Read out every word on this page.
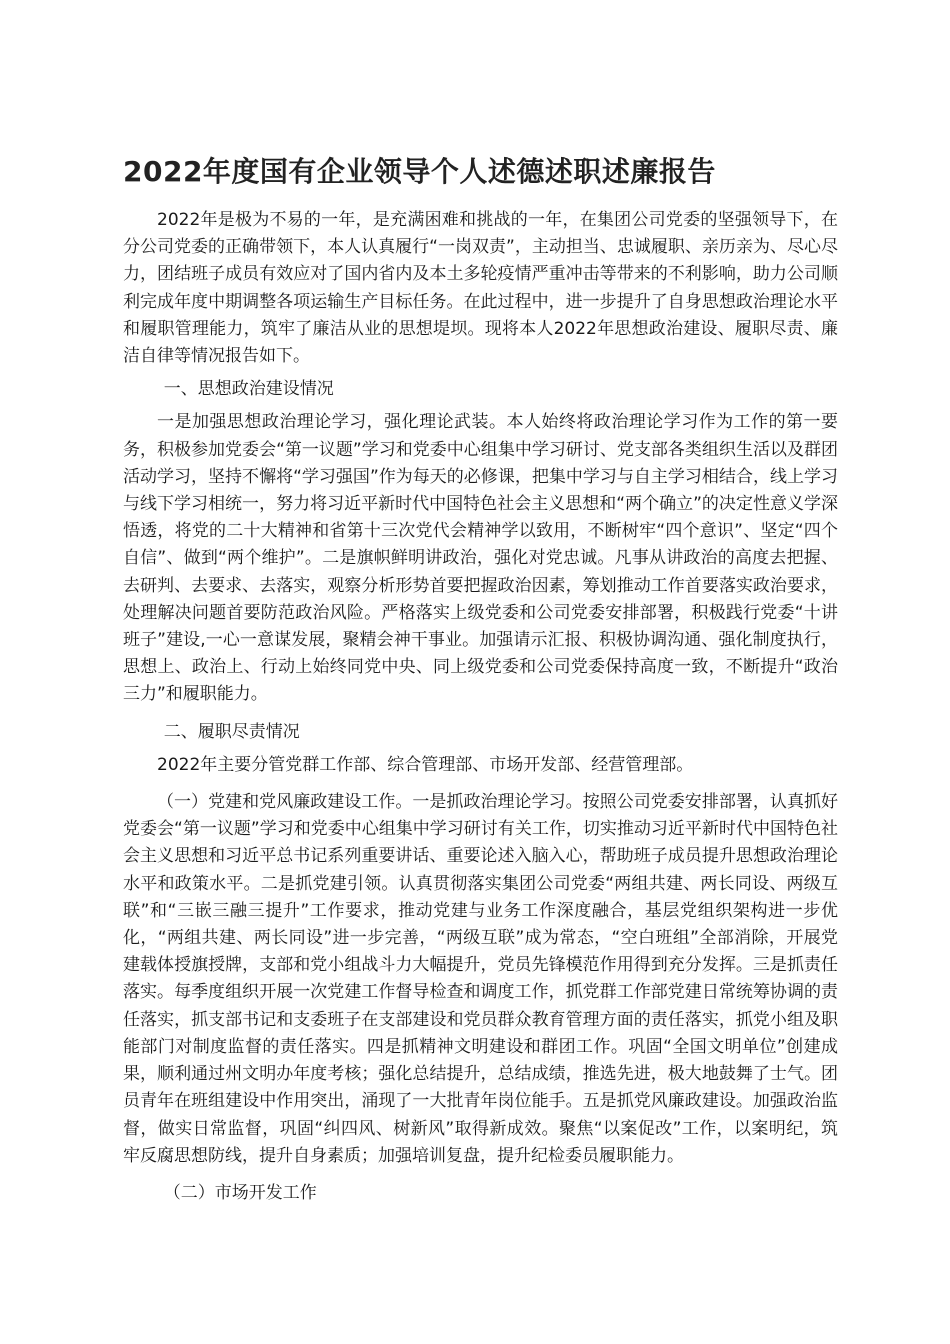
2022年度国有企业领导个人述德述职述廉报告

2022年是极为不易的一年，是充满困难和挑战的一年，在集团公司党委的坚强领导下，在分公司党委的正确带领下，本人认真履行“一岗双责”，主动担当、忠诚履职、亲历亲为、尽心尽力，团结班子成员有效应对了国内省内及本土多轮疫情严重冲击等带来的不利影响，助力公司顺利完成年度中期调整各项运输生产目标任务。在此过程中，进一步提升了自身思想政治理论水平和履职管理能力，筑牢了廉洁从业的思想堤坝。现将本人2022年思想政治建设、履职尽责、廉洁自律等情况报告如下。

一、思想政治建设情况

一是加强思想政治理论学习，强化理论武装。本人始终将政治理论学习作为工作的第一要务，积极参加党委会“第一议题”学习和党委中心组集中学习研讨、党支部各类组织生活以及群团活动学习，坚持不懈将“学习强国”作为每天的必修课，把集中学习与自主学习相结合，线上学习与线下学习相统一，努力将习近平新时代中国特色社会主义思想和“两个确立”的决定性意义学深悟透，将党的二十大精神和省第十三次党代会精神学以致用，不断树牢“四个意识”、坚定“四个自信”、做到“两个维护”。二是旗帜鲜明讲政治，强化对党忠诚。凡事从讲政治的高度去把握、去研判、去要求、去落实，观察分析形势首要把握政治因素，筹划推动工作首要落实政治要求，处理解决问题首要防范政治风险。严格落实上级党委和公司党委安排部署，积极践行党委“十讲班子”建设,一心一意谋发展，聚精会神干事业。加强请示汇报、积极协调沟通、强化制度执行，思想上、政治上、行动上始终同党中央、同上级党委和公司党委保持高度一致，不断提升“政治三力”和履职能力。

二、履职尽责情况

2022年主要分管党群工作部、综合管理部、市场开发部、经营管理部。

（一）党建和党风廉政建设工作。一是抓政治理论学习。按照公司党委安排部署，认真抓好党委会“第一议题”学习和党委中心组集中学习研讨有关工作，切实推动习近平新时代中国特色社会主义思想和习近平总书记系列重要讲话、重要论述入脑入心，帮助班子成员提升思想政治理论水平和政策水平。二是抓党建引领。认真贯彻落实集团公司党委“两组共建、两长同设、两级互联”和“三嵌三融三提升”工作要求，推动党建与业务工作深度融合，基层党组织架构进一步优化，“两组共建、两长同设”进一步完善，“两级互联”成为常态，“空白班组”全部消除，开展党建载体授旗授牌，支部和党小组战斗力大幅提升，党员先锋模范作用得到充分发挥。三是抓责任落实。每季度组织开展一次党建工作督导检查和调度工作，抓党群工作部党建日常统筹协调的责任落实，抓支部书记和支委班子在支部建设和党员群众教育管理方面的责任落实，抓党小组及职能部门对制度监督的责任落实。四是抓精神文明建设和群团工作。巩固“全国文明单位”创建成果，顺利通过州文明办年度考核；强化总结提升，总结成绩，推选先进，极大地鼓舞了士气。团员青年在班组建设中作用突出，涌现了一大批青年岗位能手。五是抓党风廉政建设。加强政治监督，做实日常监督，巩固“纠四风、树新风”取得新成效。聚焦“以案促改”工作，以案明纪，筑牢反腐思想防线，提升自身素质；加强培训复盘，提升纪检委员履职能力。

（二）市场开发工作
